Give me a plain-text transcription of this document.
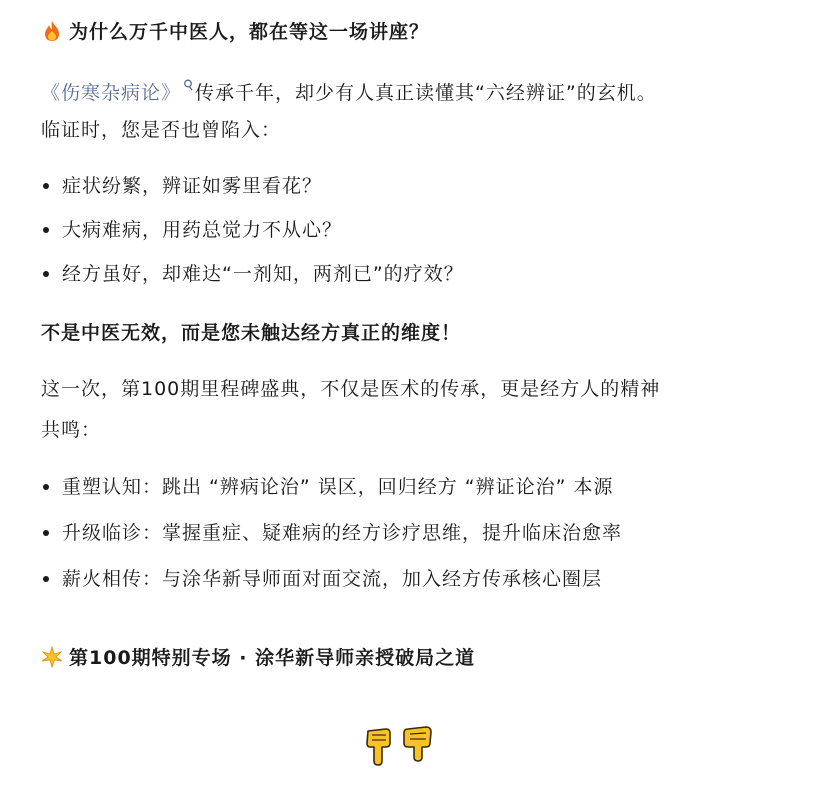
为什么万千中医人，都在等这一场讲座？
《伤寒杂病论》 传承千年，却少有人真正读懂其“六经辨证”的玄机。
临证时，您是否也曾陷入：
症状纷繁，辨证如雾里看花？
大病难病，用药总觉力不从心？
经方虽好，却难达“一剂知，两剂已”的疗效？
不是中医无效，而是您未触达经方真正的维度！
这一次，第100期里程碑盛典，不仅是医术的传承，更是经方人的精神
共鸣：
重塑认知：跳出 “辨病论治” 误区，回归经方 “辨证论治” 本源
升级临诊：掌握重症、疑难病的经方诊疗思维，提升临床治愈率
薪火相传：与涂华新导师面对面交流，加入经方传承核心圈层
第100期特别专场 · 涂华新导师亲授破局之道
